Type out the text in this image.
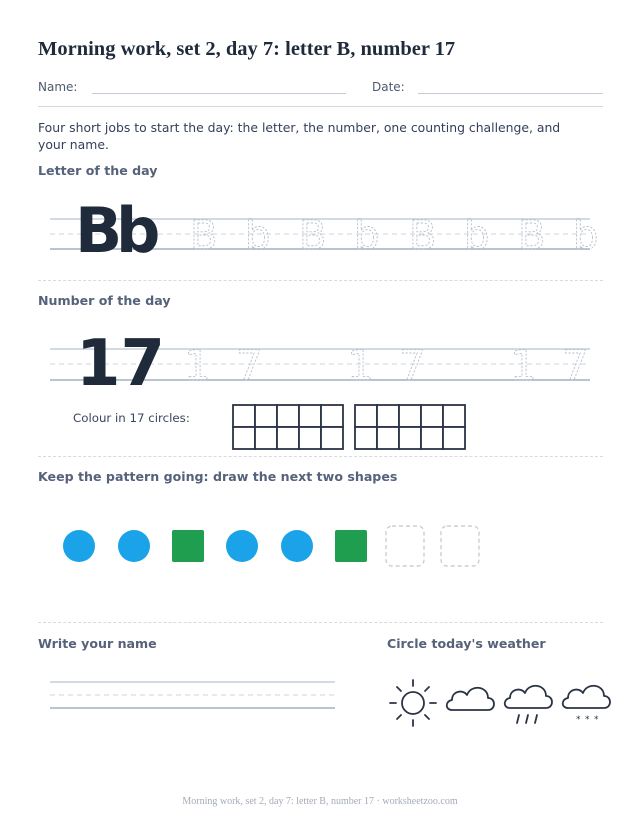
Morning work, set 2, day 7: letter B, number 17
Name:	Date:

Four short jobs to start the day: the letter, the number, one counting challenge, and your name.

Letter of the day
B
b B b B b B b B b
Number of the day
17 1 7 1 7 1 7
Colour in 17 circles:
Keep the pattern going: draw the next two shapes
Write your name	Circle today's weather
* * *
Morning work, set 2, day 7: letter B, number 17 · worksheetzoo.com
